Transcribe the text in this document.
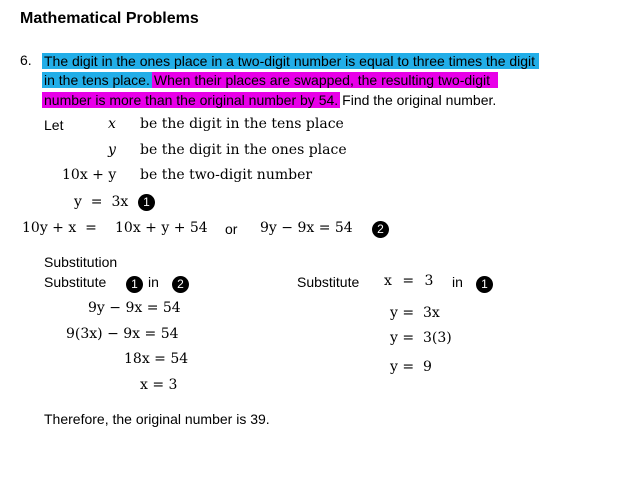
Mathematical Problems
6. The digit in the ones place in a two-digit number is equal to three times the digit
in the tens place. When their places are swapped, the resulting two-digit
number is more than the original number by 54. Find the original number.
Let	x be the digit in the tens place
y be the digit in the ones place
10x + y be the two-digit number
y  =  3x	1
10y + x  = 10x + y + 54 or 9y − 9x = 54	2
Substitution
Substitute	1 in	2
9y − 9x = 54
9(3x) − 9x = 54
18x = 54
x = 3
Substitute x = 3 in	1
y =  3x
y =  3(3)
y =  9
Therefore, the original number is 39.
